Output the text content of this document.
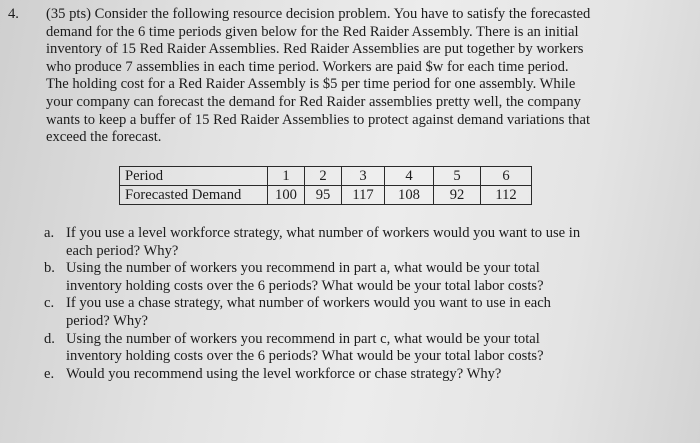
4. (35 pts) Consider the following resource decision problem. You have to satisfy the forecasted
demand for the 6 time periods given below for the Red Raider Assembly. There is an initial
inventory of 15 Red Raider Assemblies. Red Raider Assemblies are put together by workers
who produce 7 assemblies in each time period. Workers are paid $w for each time period.
The holding cost for a Red Raider Assembly is $5 per time period for one assembly. While
your company can forecast the demand for Red Raider assemblies pretty well, the company
wants to keep a buffer of 15 Red Raider Assemblies to protect against demand variations that
exceed the forecast.
Period	1	2	3	4	5	6
Forecasted Demand	100	95	117	108	92	112
a. If you use a level workforce strategy, what number of workers would you want to use in
each period? Why?
b. Using the number of workers you recommend in part a, what would be your total
inventory holding costs over the 6 periods? What would be your total labor costs?
c. If you use a chase strategy, what number of workers would you want to use in each
period? Why?
d. Using the number of workers you recommend in part c, what would be your total
inventory holding costs over the 6 periods? What would be your total labor costs?
e. Would you recommend using the level workforce or chase strategy? Why?
